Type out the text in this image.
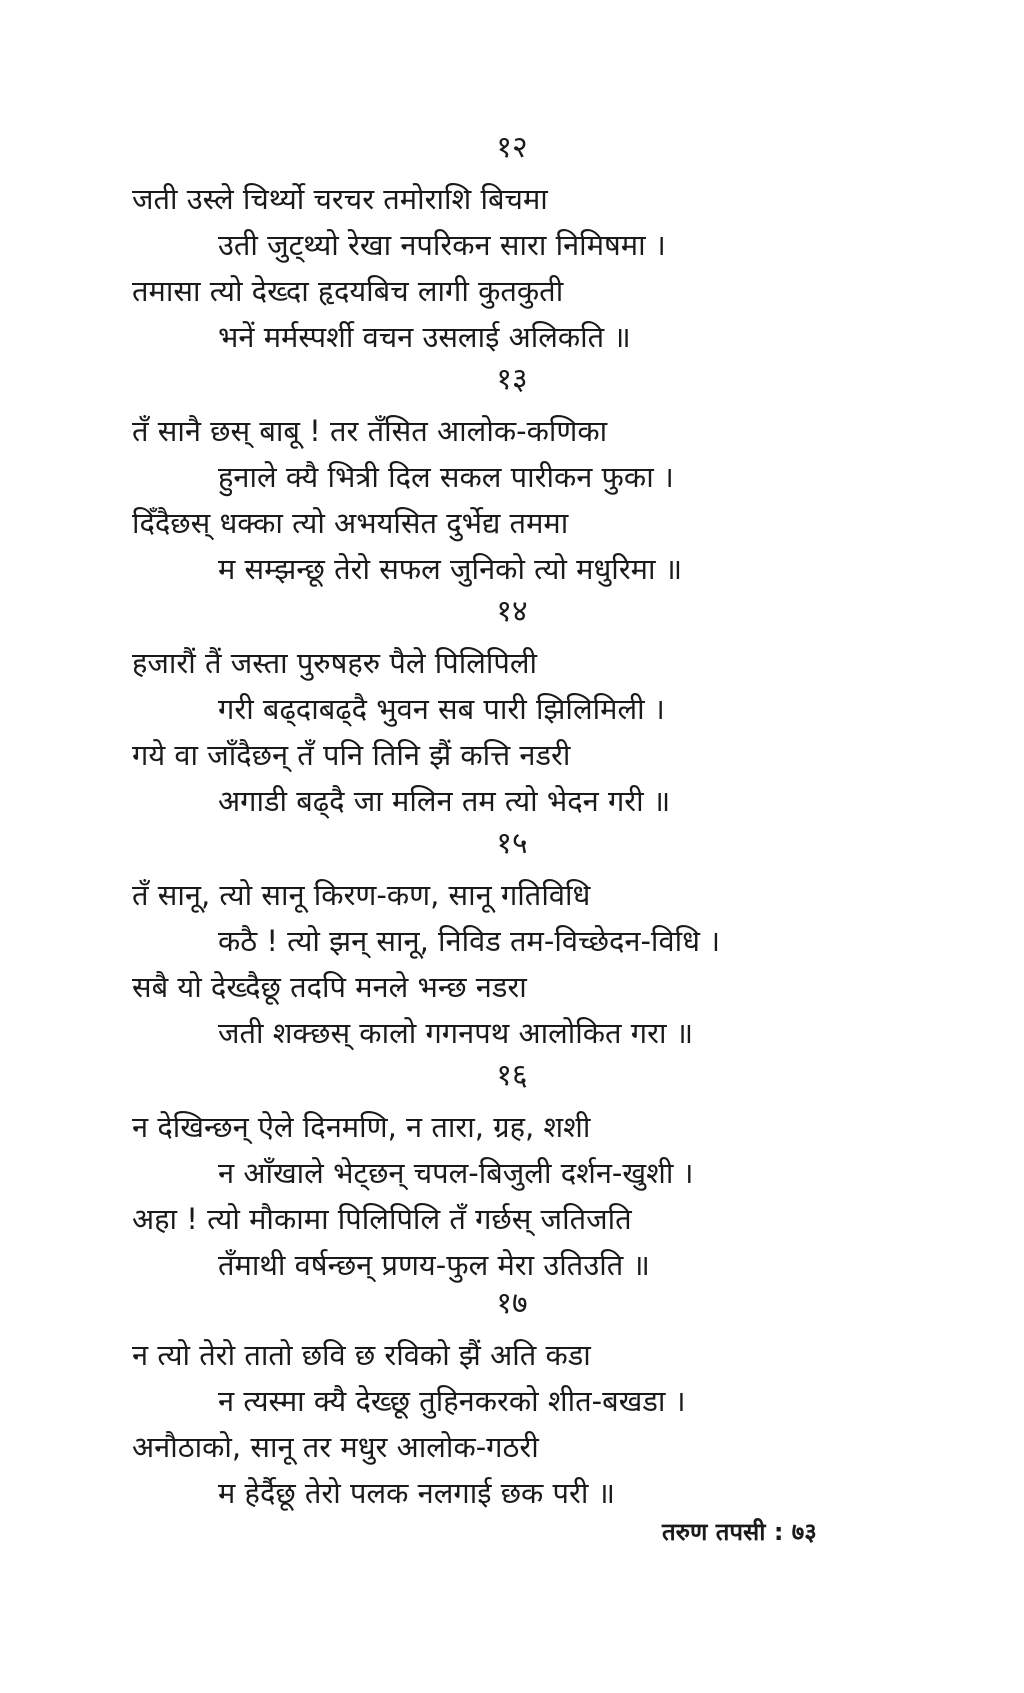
१२
जती उस्ले चिर्थ्यो चरचर तमोराशि बिचमा
उती जुट्थ्यो रेखा नपरिकन सारा निमिषमा ।
तमासा त्यो देख्दा हृदयबिच लागी कुतकुती
भनें मर्मस्पर्शी वचन उसलाई अलिकति ॥
१३
तँ सानै छस् बाबू ! तर तँसित आलोक-कणिका
हुनाले क्यै भित्री दिल सकल पारीकन फुका ।
दिँदैछस् धक्का त्यो अभयसित दुर्भेद्य तममा
म सम्झन्छू तेरो सफल जुनिको त्यो मधुरिमा ॥
१४
हजारौं तैं जस्ता पुरुषहरु पैले पिलिपिली
गरी बढ्दाबढ्दै भुवन सब पारी झिलिमिली ।
गये वा जाँदैछन् तँ पनि तिनि झैं कत्ति नडरी
अगाडी बढ्दै जा मलिन तम त्यो भेदन गरी ॥
१५
तँ सानू, त्यो सानू किरण-कण, सानू गतिविधि
कठै ! त्यो झन् सानू, निविड तम-विच्छेदन-विधि ।
सबै यो देख्दैछू तदपि मनले भन्छ नडरा
जती शक्छस् कालो गगनपथ आलोकित गरा ॥
१६
न देखिन्छन् ऐले दिनमणि, न तारा, ग्रह, शशी
न आँखाले भेट्छन् चपल-बिजुली दर्शन-खुशी ।
अहा ! त्यो मौकामा पिलिपिलि तँ गर्छस् जतिजति
तँमाथी वर्षन्छन् प्रणय-फुल मेरा उतिउति ॥
१७
न त्यो तेरो तातो छवि छ रविको झैं अति कडा
न त्यस्मा क्यै देख्छू तुहिनकरको शीत-बखडा ।
अनौठाको, सानू तर मधुर आलोक-गठरी
म हेर्दैछू तेरो पलक नलगाई छक परी ॥
तरुण तपसी : ७३
